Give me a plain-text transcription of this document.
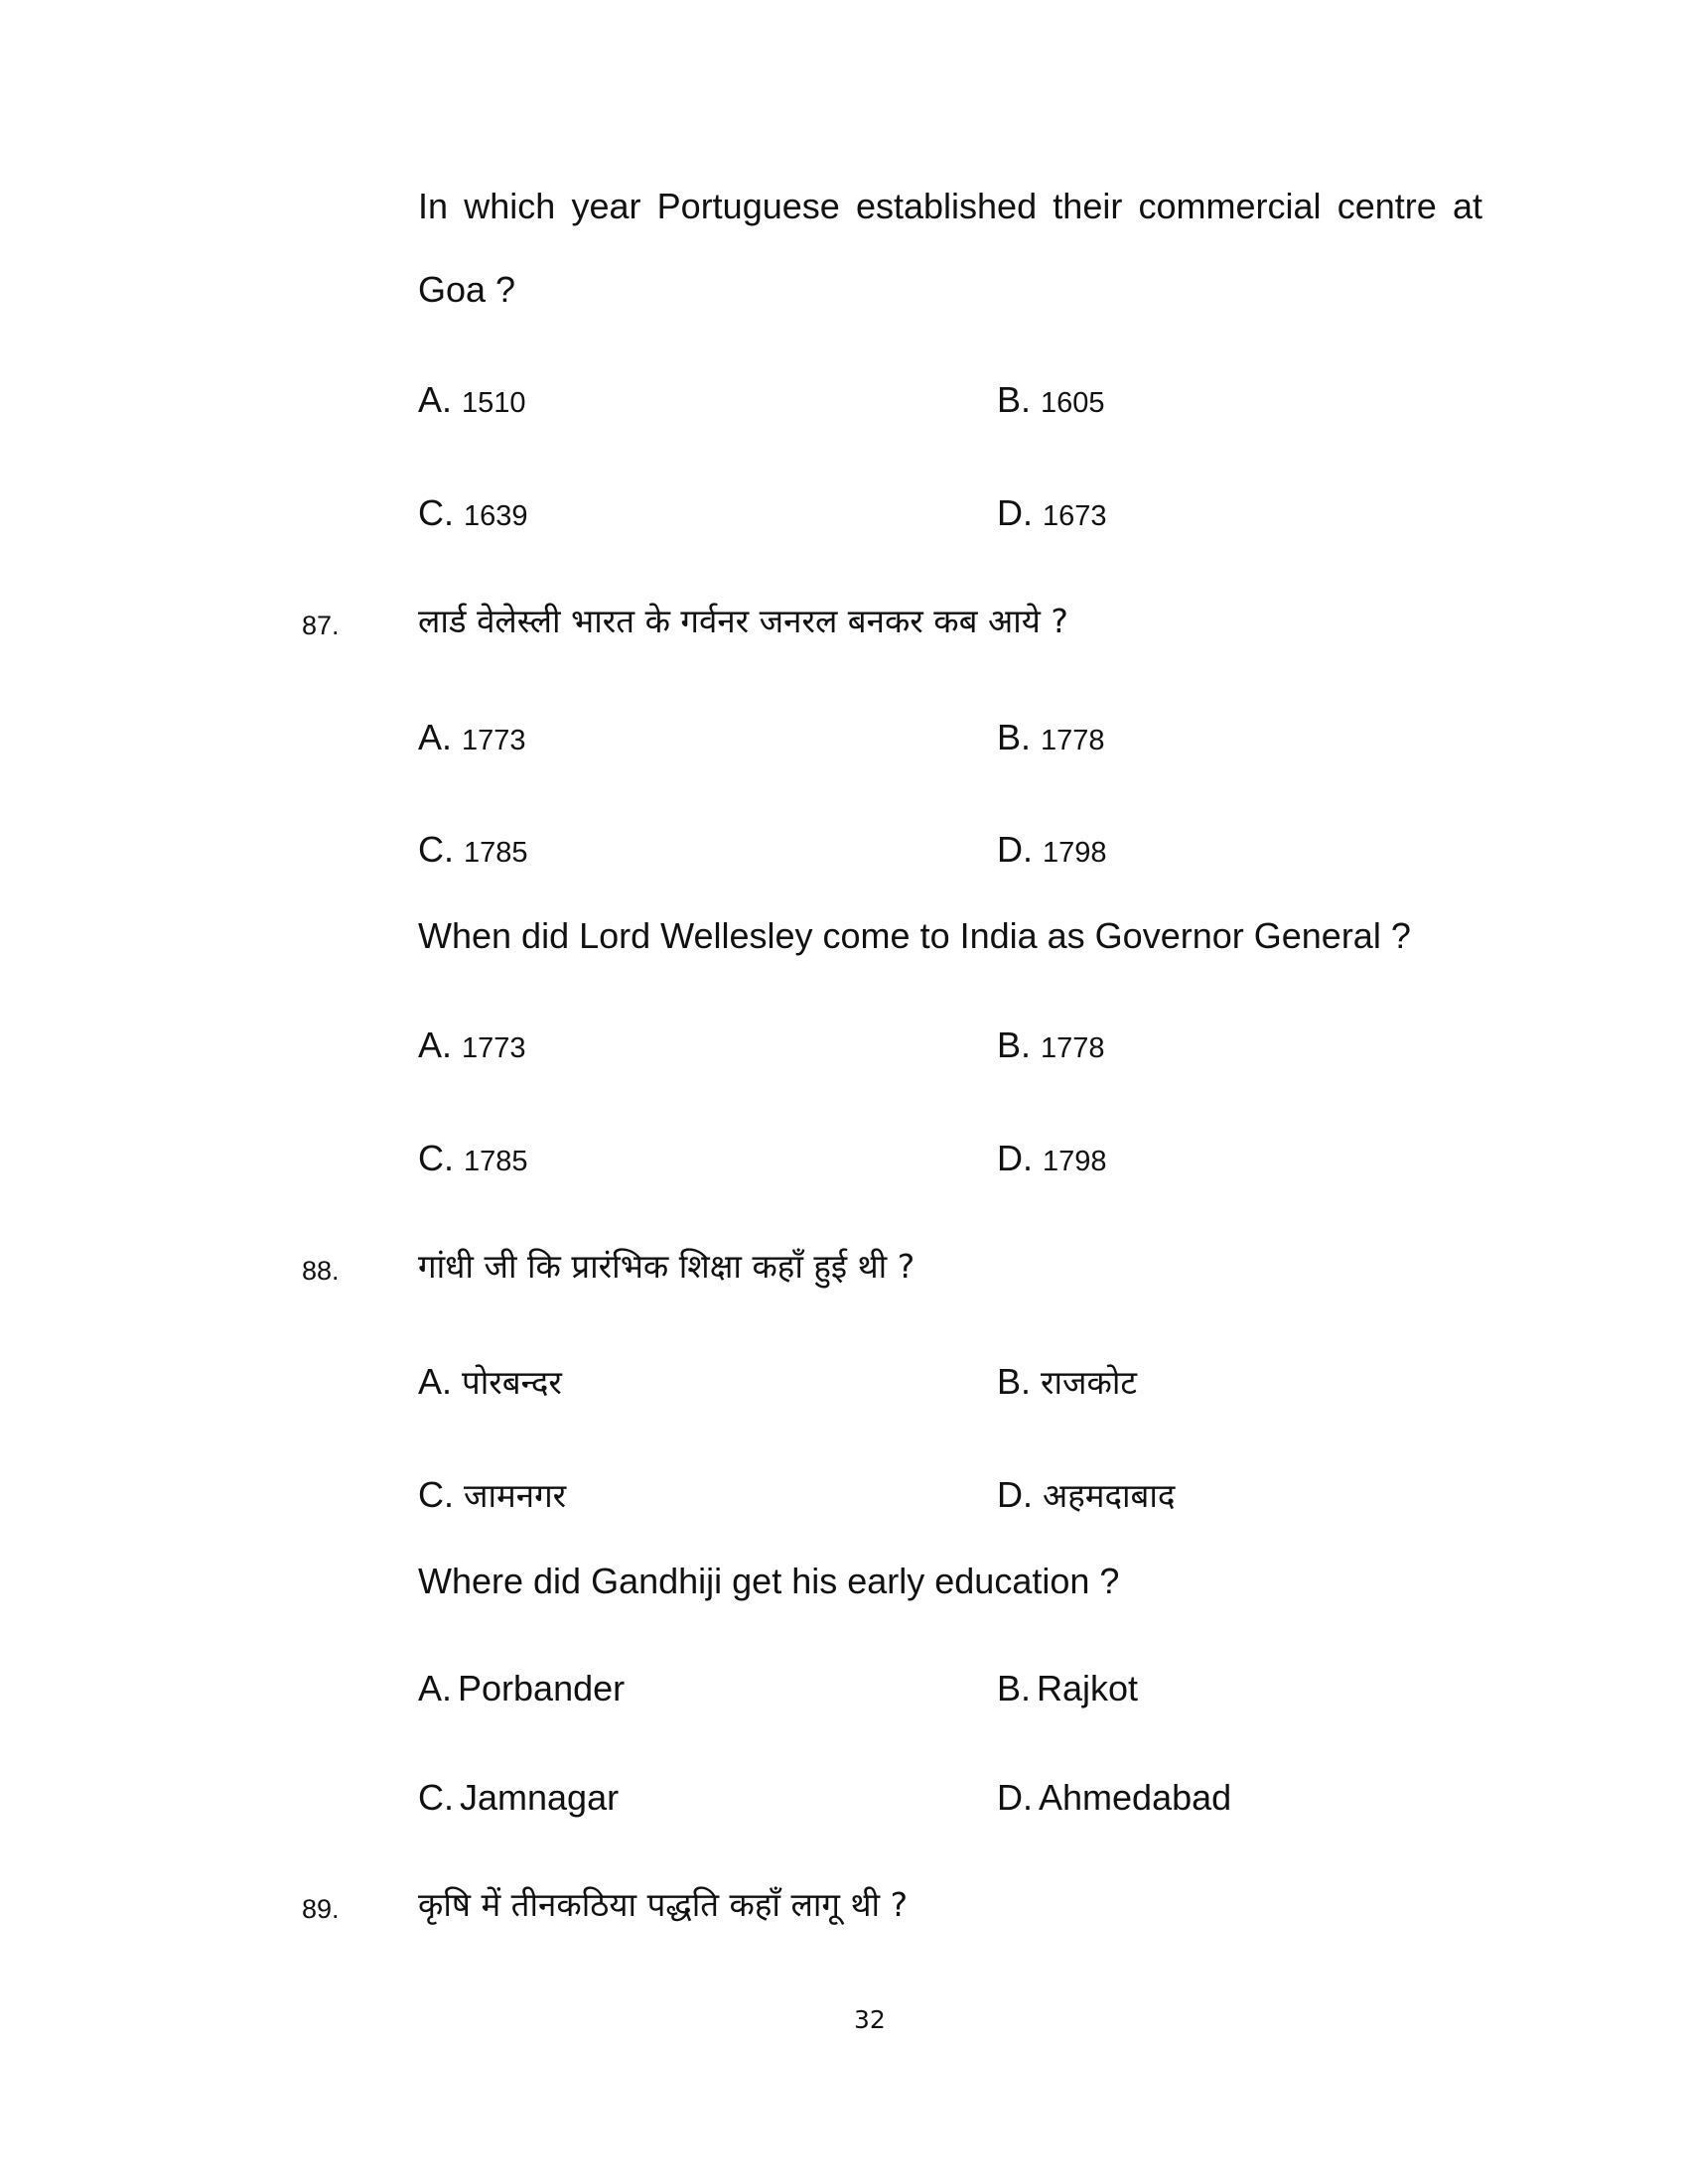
In which year Portuguese established their commercial centre at
Goa ?
A. 1510	B. 1605
C. 1639	D. 1673
87. लार्ड वेलेस्ली भारत के गर्वनर जनरल बनकर कब आये ?
A. 1773	B. 1778
C. 1785	D. 1798
When did Lord Wellesley come to India as Governor General ?
A. 1773	B. 1778
C. 1785	D. 1798
88. गांधी जी कि प्रारंभिक शिक्षा कहाँ हुई थी ?
A. पोरबन्दर	B. राजकोट
C. जामनगर	D. अहमदाबाद
Where did Gandhiji get his early education ?
A. Porbander	B. Rajkot
C. Jamnagar	D. Ahmedabad
89. कृषि में तीनकठिया पद्धति कहाँ लागू थी ?
32
